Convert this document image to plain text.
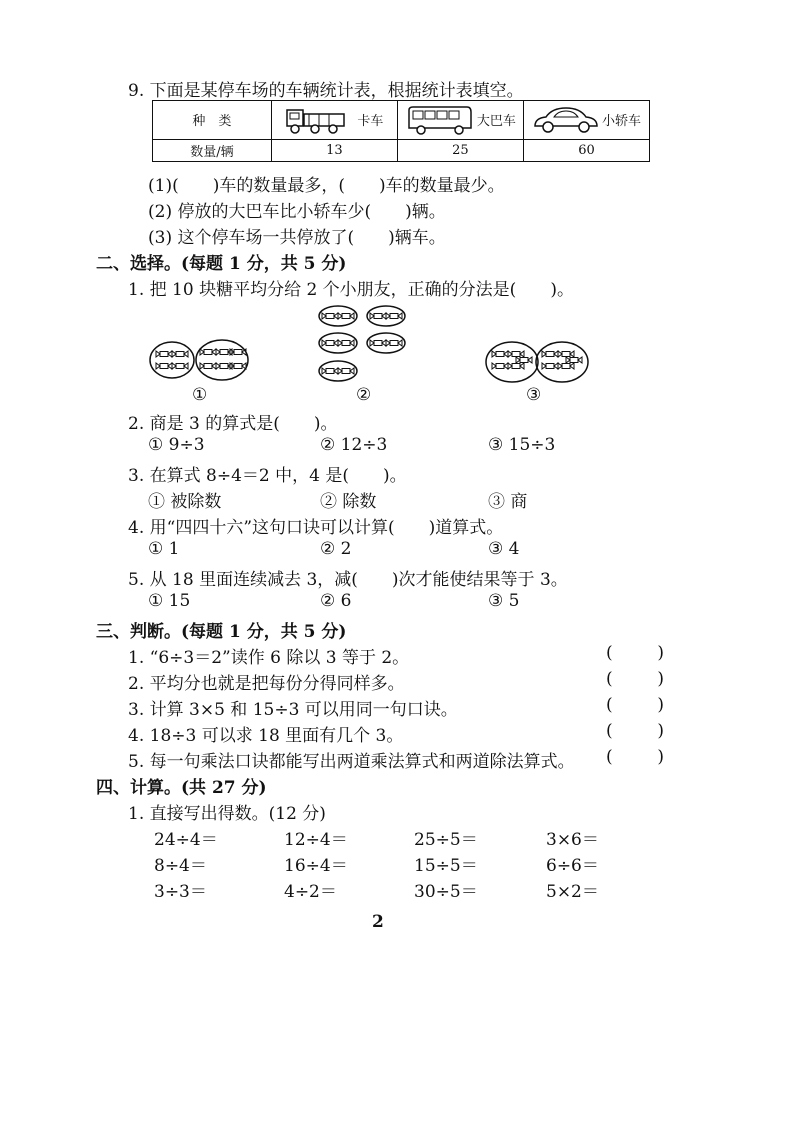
9. 下面是某停车场的车辆统计表，根据统计表填空。
种　类	卡车	大巴车	小轿车

数量/辆	13	25	60
(1)(　　)车的数量最多，(　　)车的数量最少。
(2) 停放的大巴车比小轿车少(　　)辆。
(3) 这个停车场一共停放了(　　)辆车。
二、选择。(每题 1 分，共 5 分)
1. 把 10 块糖平均分给 2 个小朋友，正确的分法是(　　)。
①	②	③
2. 商是 3 的算式是(　　)。
① 9÷3	② 12÷3	③ 15÷3
3. 在算式 8÷4＝2 中，4 是(　　)。
① 被除数	② 除数	③ 商
4. 用“四四十六”这句口诀可以计算(　　)道算式。
① 1	② 2	③ 4
5. 从 18 里面连续减去 3，减(　　)次才能使结果等于 3。
① 15	② 6	③ 5
三、判断。(每题 1 分，共 5 分)
1. “6÷3＝2”读作 6 除以 3 等于 2。	(	)
2. 平均分也就是把每份分得同样多。	(	)
3. 计算 3×5 和 15÷3 可以用同一句口诀。	(	)
4. 18÷3 可以求 18 里面有几个 3。	(	)
5. 每一句乘法口诀都能写出两道乘法算式和两道除法算式。 (	)
四、计算。(共 27 分)
1. 直接写出得数。(12 分)
24÷4＝	12÷4＝	25÷5＝	3×6＝
8÷4＝	16÷4＝	15÷5＝	6÷6＝
3÷3＝	4÷2＝	30÷5＝	5×2＝
2
